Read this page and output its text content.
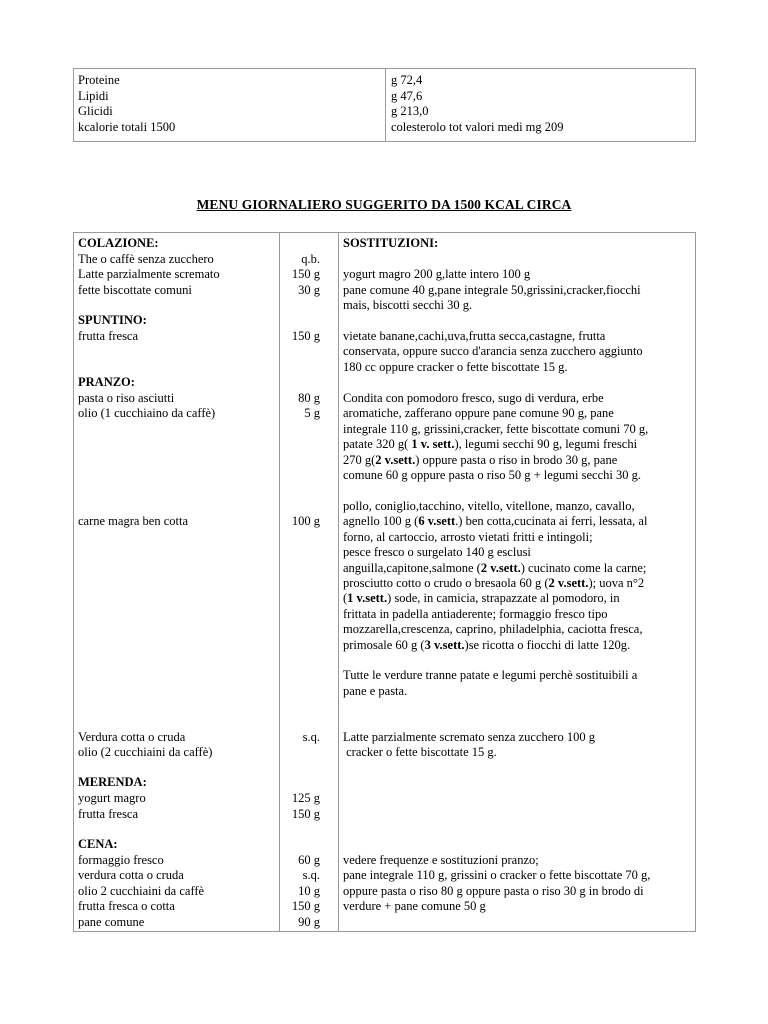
Proteine
Lipidi
Glicidi
kcalorie totali 1500
g 72,4
g 47,6
g 213,0
colesterolo tot valori medi mg 209
MENU GIORNALIERO SUGGERITO DA 1500 KCAL CIRCA
COLAZIONE:
The o caffè senza zucchero
Latte parzialmente scremato
fette biscottate comuni
SPUNTINO:
frutta fresca
PRANZO:
pasta o riso asciutti
olio (1 cucchiaino da caffè)
carne magra ben cotta
Verdura cotta o cruda
olio (2 cucchiaini da caffè)
MERENDA:
yogurt magro
frutta fresca
CENA:
formaggio fresco
verdura cotta o cruda
olio 2 cucchiaini da caffè
frutta fresca o cotta
pane comune
q.b.
150 g
30 g
150 g
80 g
5 g
100 g
s.q.
125 g
150 g
60 g
s.q.
10 g
150 g
90 g
SOSTITUZIONI:
yogurt magro 200 g,latte intero 100 g
pane comune 40 g,pane integrale 50,grissini,cracker,fiocchi
mais, biscotti secchi 30 g.
vietate banane,cachi,uva,frutta secca,castagne, frutta
conservata, oppure succo d'arancia senza zucchero aggiunto
180 cc oppure cracker o fette biscottate 15 g.
Condita con pomodoro fresco, sugo di verdura, erbe
aromatiche, zafferano oppure pane comune 90 g, pane
integrale 110 g, grissini,cracker, fette biscottate comuni 70 g,
patate 320 g( 1 v. sett.), legumi secchi 90 g, legumi freschi
270 g(2 v.sett.) oppure pasta o riso in brodo 30 g, pane
comune 60 g oppure pasta o riso 50 g + legumi secchi 30 g.
pollo, coniglio,tacchino, vitello, vitellone, manzo, cavallo,
agnello 100 g (6 v.sett.) ben cotta,cucinata ai ferri, lessata, al
forno, al cartoccio, arrosto vietati fritti e intingoli;
pesce fresco o surgelato 140 g esclusi
anguilla,capitone,salmone (2 v.sett.) cucinato come la carne;
prosciutto cotto o crudo o bresaola 60 g (2 v.sett.); uova n°2
(1 v.sett.) sode, in camicia, strapazzate al pomodoro, in
frittata in padella antiaderente; formaggio fresco tipo
mozzarella,crescenza, caprino, philadelphia, caciotta fresca,
primosale 60 g (3 v.sett.)se ricotta o fiocchi di latte 120g.
Tutte le verdure tranne patate e legumi perchè sostituibili a
pane e pasta.
Latte parzialmente scremato senza zucchero 100 g
cracker o fette biscottate 15 g.
vedere frequenze e sostituzioni pranzo;
pane integrale 110 g, grissini o cracker o fette biscottate 70 g,
oppure pasta o riso 80 g oppure pasta o riso 30 g in brodo di
verdure + pane comune 50 g
